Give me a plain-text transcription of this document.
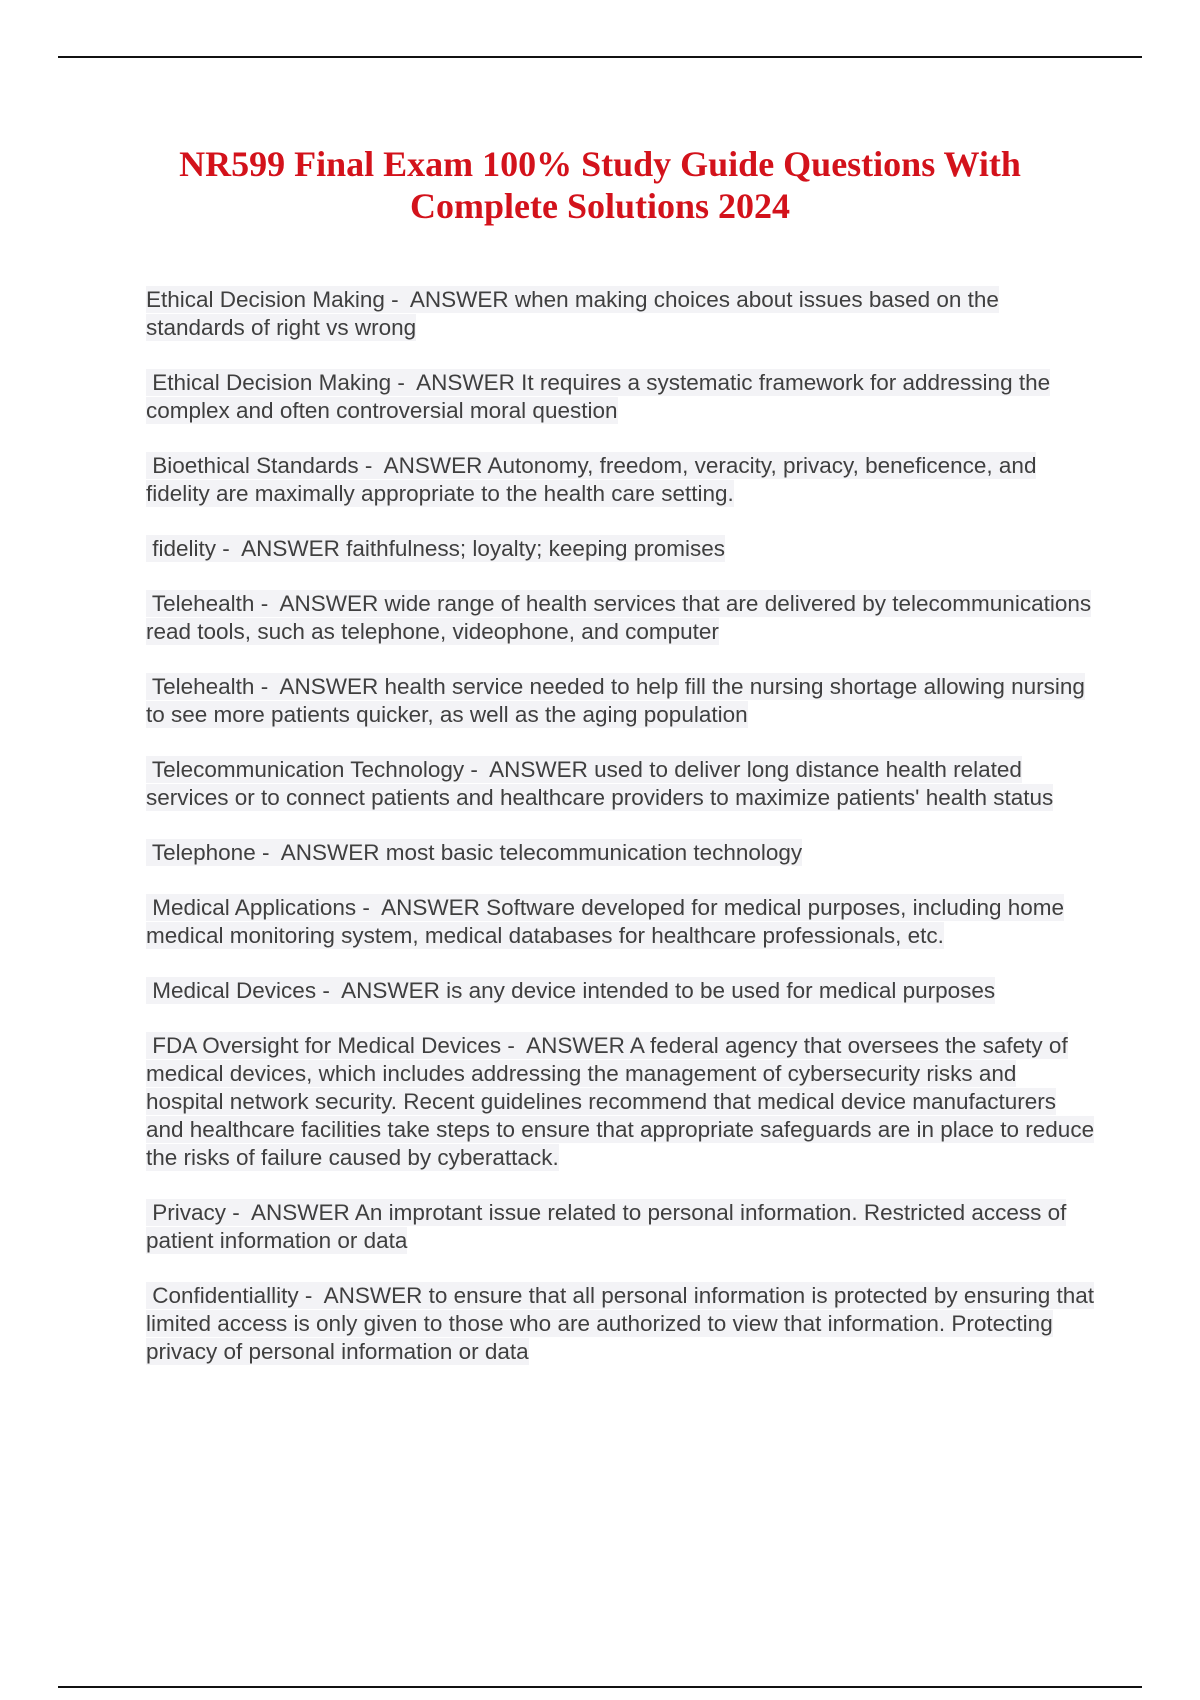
NR599 Final Exam 100% Study Guide Questions With
Complete Solutions 2024
Ethical Decision Making -  ANSWER when making choices about issues based on the standards of right vs wrong
Ethical Decision Making -  ANSWER It requires a systematic framework for addressing the complex and often controversial moral question
Bioethical Standards -  ANSWER Autonomy, freedom, veracity, privacy, beneficence, and fidelity are maximally appropriate to the health care setting.
fidelity -  ANSWER faithfulness; loyalty; keeping promises
Telehealth -  ANSWER wide range of health services that are delivered by telecommunications read tools, such as telephone, videophone, and computer
Telehealth -  ANSWER health service needed to help fill the nursing shortage allowing nursing to see more patients quicker, as well as the aging population
Telecommunication Technology -  ANSWER used to deliver long distance health related services or to connect patients and healthcare providers to maximize patients' health status
Telephone -  ANSWER most basic telecommunication technology
Medical Applications -  ANSWER Software developed for medical purposes, including home medical monitoring system, medical databases for healthcare professionals, etc.
Medical Devices -  ANSWER is any device intended to be used for medical purposes
FDA Oversight for Medical Devices -  ANSWER A federal agency that oversees the safety of medical devices, which includes addressing the management of cybersecurity risks and hospital network security. Recent guidelines recommend that medical device manufacturers and healthcare facilities take steps to ensure that appropriate safeguards are in place to reduce the risks of failure caused by cyberattack.
Privacy -  ANSWER An improtant issue related to personal information. Restricted access of patient information or data
Confidentiallity -  ANSWER to ensure that all personal information is protected by ensuring that limited access is only given to those who are authorized to view that information. Protecting privacy of personal information or data
